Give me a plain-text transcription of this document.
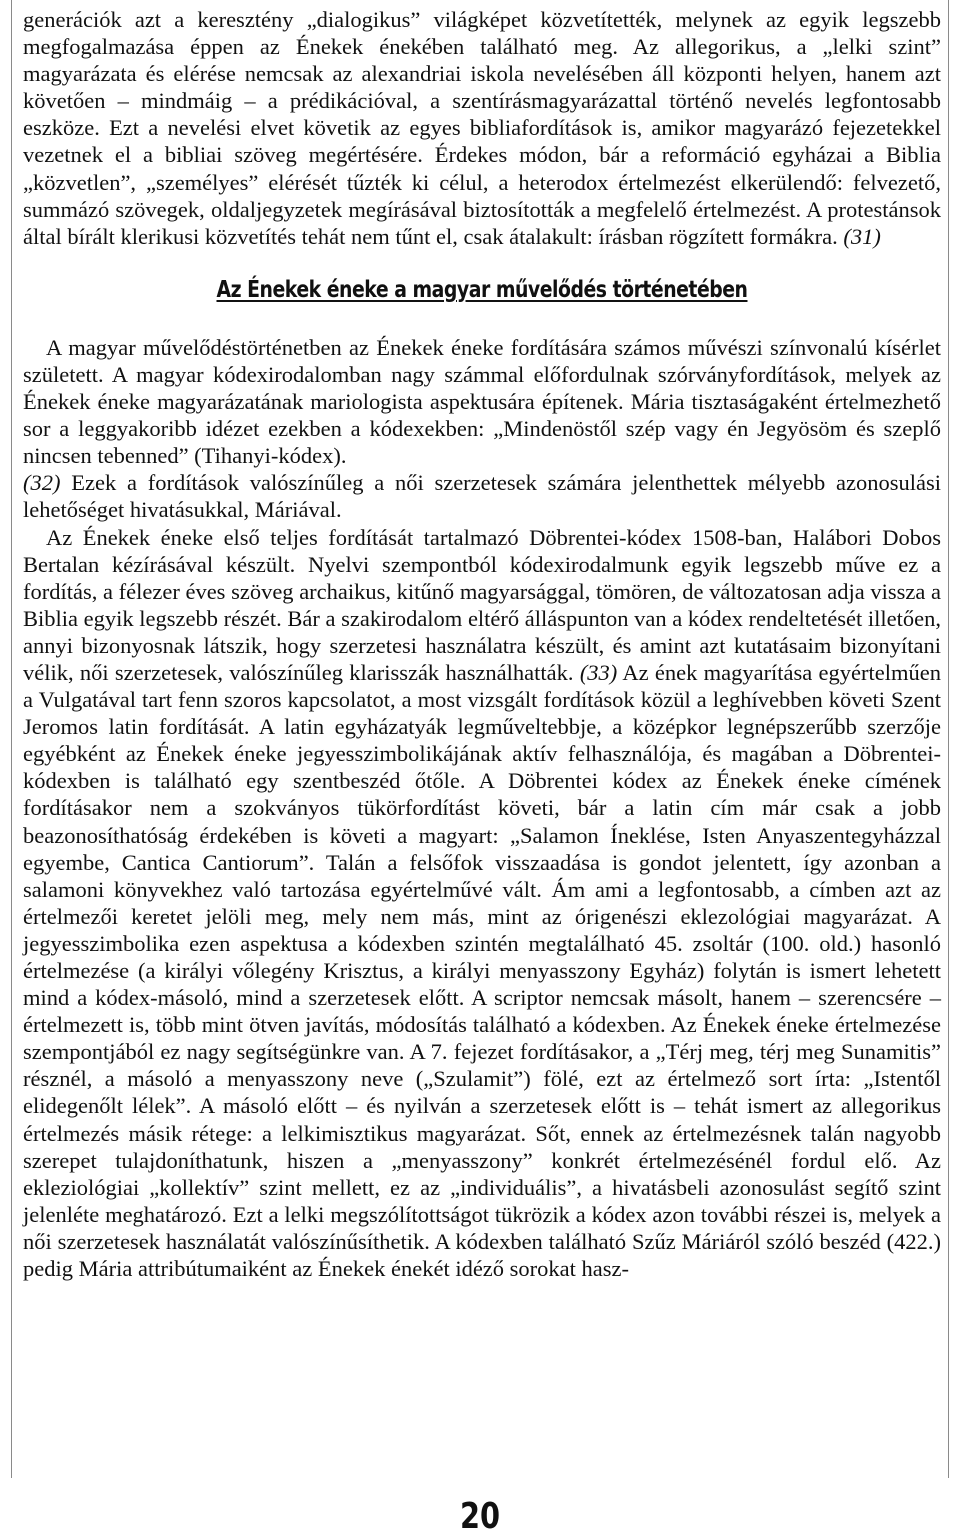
generációk azt a keresztény „dialogikus” világképet közvetítették, melynek az egyik legszebb megfogalmazása éppen az Énekek énekében található meg. Az allegorikus, a „lelki szint” magyarázata és elérése nemcsak az alexandriai iskola nevelésében áll központi helyen, hanem azt követően – mindmáig – a prédikációval, a szentírásmagyarázattal történő nevelés legfontosabb eszköze. Ezt a nevelési elvet követik az egyes bibliafordítások is, amikor magyarázó fejezetekkel vezetnek el a bibliai szöveg megértésére. Érdekes módon, bár a reformáció egyházai a Biblia „közvetlen”, „személyes” elérését tűzték ki célul, a heterodox értelmezést elkerülendő: felvezető, summázó szövegek, oldaljegyzetek megírásával biztosították a megfelelő értelmezést. A protestánsok által bírált klerikusi közvetítés tehát nem tűnt el, csak átalakult: írásban rögzített formákra. (31)

Az Énekek éneke a magyar művelődés történetében

A magyar művelődéstörténetben az Énekek éneke fordítására számos művészi színvonalú kísérlet született. A magyar kódexirodalomban nagy számmal előfordulnak szórványfordítások, melyek az Énekek éneke magyarázatának mariologista aspektusára építenek. Mária tisztaságaként értelmezhető sor a leggyakoribb idézet ezekben a kódexekben: „Mindenöstől szép vagy én Jegyösöm és szeplő nincsen tebenned” (Tihanyi-kódex).
(32) Ezek a fordítások valószínűleg a női szerzetesek számára jelenthettek mélyebb azonosulási lehetőséget hivatásukkal, Máriával.

Az Énekek éneke első teljes fordítását tartalmazó Döbrentei-kódex 1508-ban, Halábori Dobos Bertalan kézírásával készült. Nyelvi szempontból kódexirodalmunk egyik legszebb műve ez a fordítás, a félezer éves szöveg archaikus, kitűnő magyarsággal, tömören, de változatosan adja vissza a Biblia egyik legszebb részét. Bár a szakirodalom eltérő álláspunton van a kódex rendeltetését illetően, annyi bizonyosnak látszik, hogy szerzetesi használatra készült, és amint azt kutatásaim bizonyítani vélik, női szerzetesek, valószínűleg klarisszák használhatták. (33) Az ének magyarítása egyértelműen a Vulgatával tart fenn szoros kapcsolatot, a most vizsgált fordítások közül a leghívebben követi Szent Jeromos latin fordítását. A latin egyházatyák legműveltebbje, a középkor legnépszerűbb szerzője egyébként az Énekek éneke jegyesszimbolikájának aktív felhasználója, és magában a Döbrentei-kódexben is található egy szentbeszéd őtőle. A Döbrentei kódex az Énekek éneke címének fordításakor nem a szokványos tükörfordítást követi, bár a latin cím már csak a jobb beazonosíthatóság érdekében is követi a magyart: „Salamon Íneklése, Isten Anyaszentegyházzal egyembe, Cantica Cantiorum”. Talán a felsőfok visszaadása is gondot jelentett, így azonban a salamoni könyvekhez való tartozása egyértelművé vált. Ám ami a legfontosabb, a címben azt az értelmezői keretet jelöli meg, mely nem más, mint az órigenészi eklezológiai magyarázat. A jegyesszimbolika ezen aspektusa a kódexben szintén megtalálható 45. zsoltár (100. old.) hasonló értelmezése (a királyi vőlegény Krisztus, a királyi menyasszony Egyház) folytán is ismert lehetett mind a kódex-másoló, mind a szerzetesek előtt. A scriptor nemcsak másolt, hanem – szerencsére – értelmezett is, több mint ötven javítás, módosítás található a kódexben. Az Énekek éneke értelmezése szempontjából ez nagy segítségünkre van. A 7. fejezet fordításakor, a „Térj meg, térj meg Sunamitis” résznél, a másoló a menyasszony neve („Szulamit”) fölé, ezt az értelmező sort írta: „Istentől elidegenőlt lélek”. A másoló előtt – és nyilván a szerzetesek előtt is – tehát ismert az allegorikus értelmezés másik rétege: a lelkimisztikus magyarázat. Sőt, ennek az értelmezésnek talán nagyobb szerepet tulajdoníthatunk, hiszen a „menyasszony” konkrét értelmezésénél fordul elő. Az ekleziológiai „kollektív” szint mellett, ez az „individuális”, a hivatásbeli azonosulást segítő szint jelenléte meghatározó. Ezt a lelki megszólítottságot tükrözik a kódex azon további részei is, melyek a női szerzetesek használatát valószínűsíthetik. A kódexben található Szűz Máriáról szóló beszéd (422.) pedig Mária attribútumaiként az Énekek énekét idéző sorokat hasz-

20
